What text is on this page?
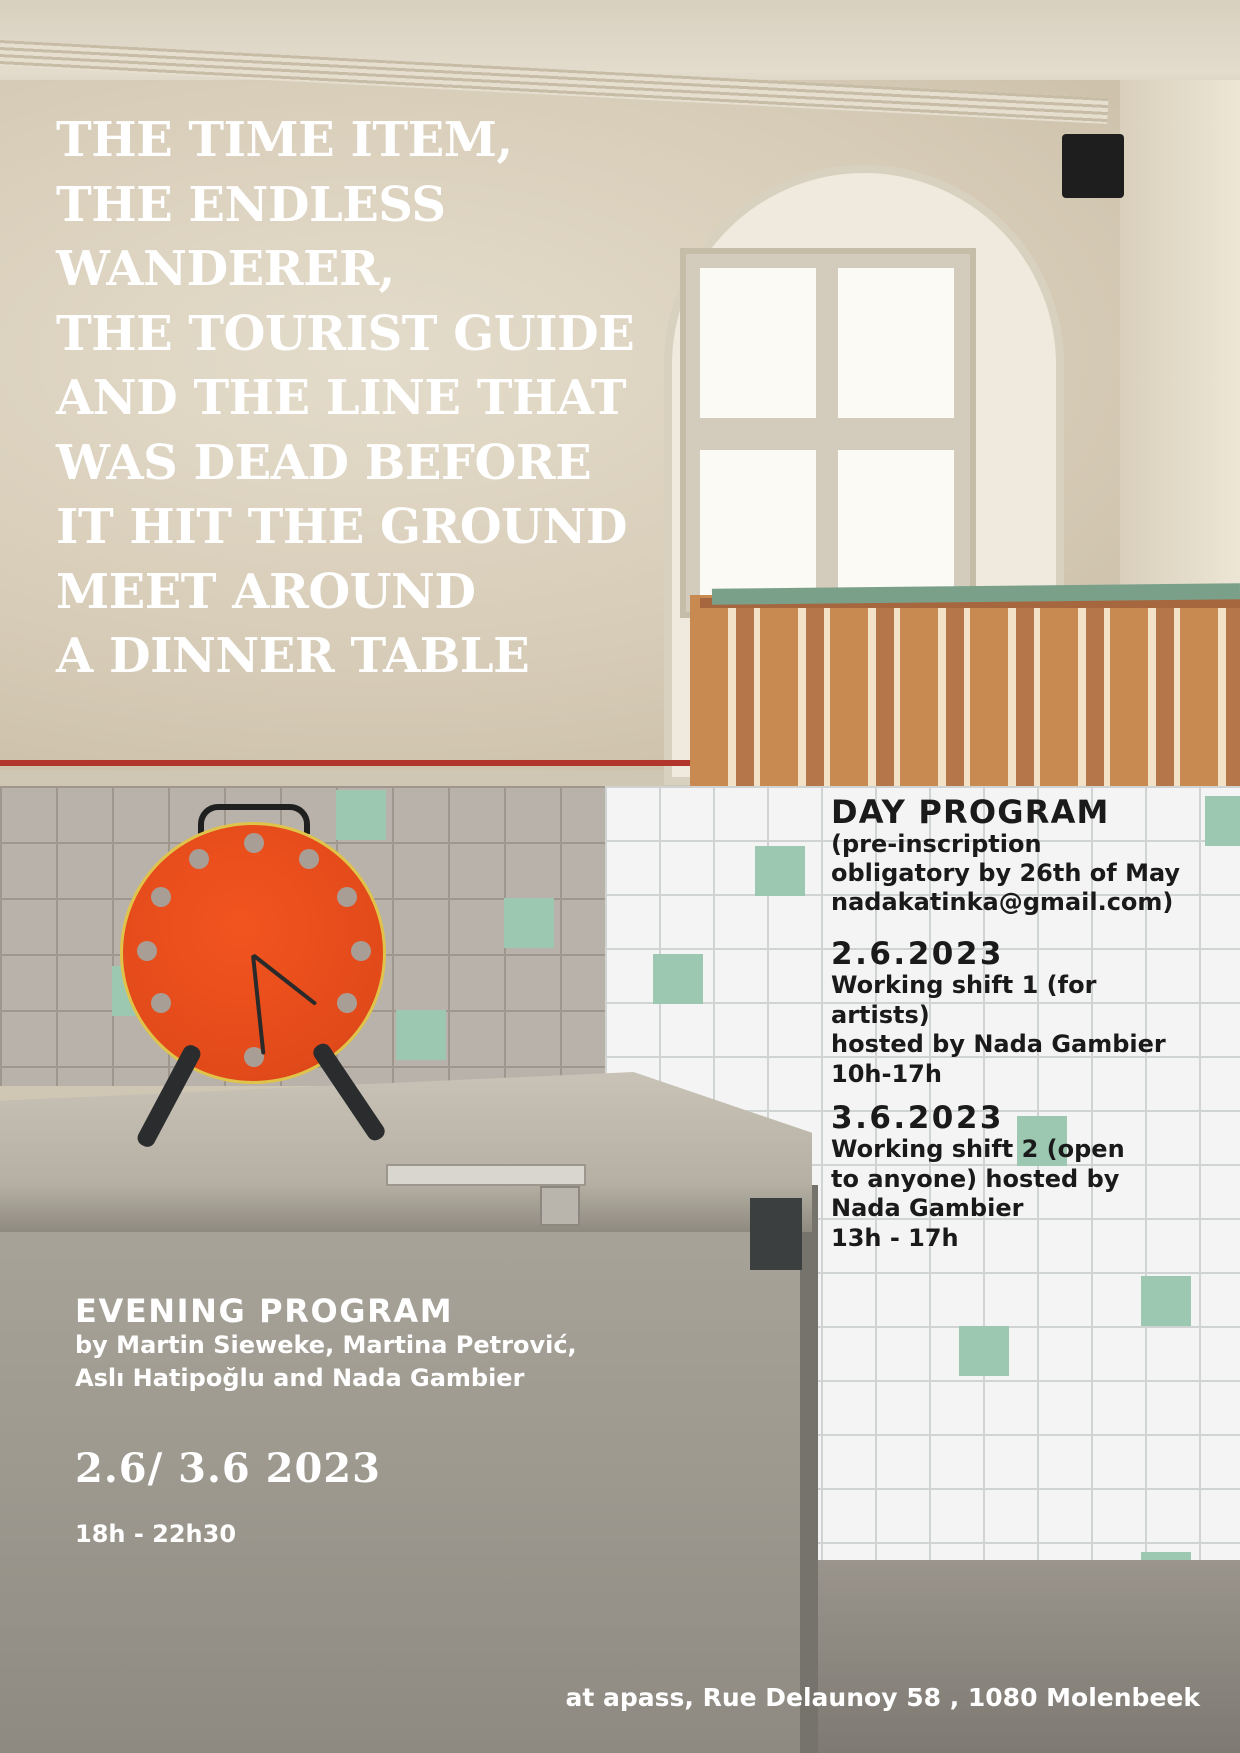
THE TIME ITEM,
THE ENDLESS
WANDERER,
THE TOURIST GUIDE
AND THE LINE THAT
WAS DEAD BEFORE
IT HIT THE GROUND
MEET AROUND
A DINNER TABLE
DAY PROGRAM
(pre-inscription
obligatory by 26th of May
nadakatinka@gmail.com)
2.6.2023
Working shift 1 (for
artists)
hosted by Nada Gambier
10h-17h
3.6.2023
Working shift 2 (open
to anyone) hosted by
Nada Gambier
13h - 17h
EVENING PROGRAM
by Martin Sieweke, Martina Petrović,
Aslı Hatipoğlu and Nada Gambier
2.6/ 3.6 2023
18h - 22h30
at apass, Rue Delaunoy 58 , 1080 Molenbeek
